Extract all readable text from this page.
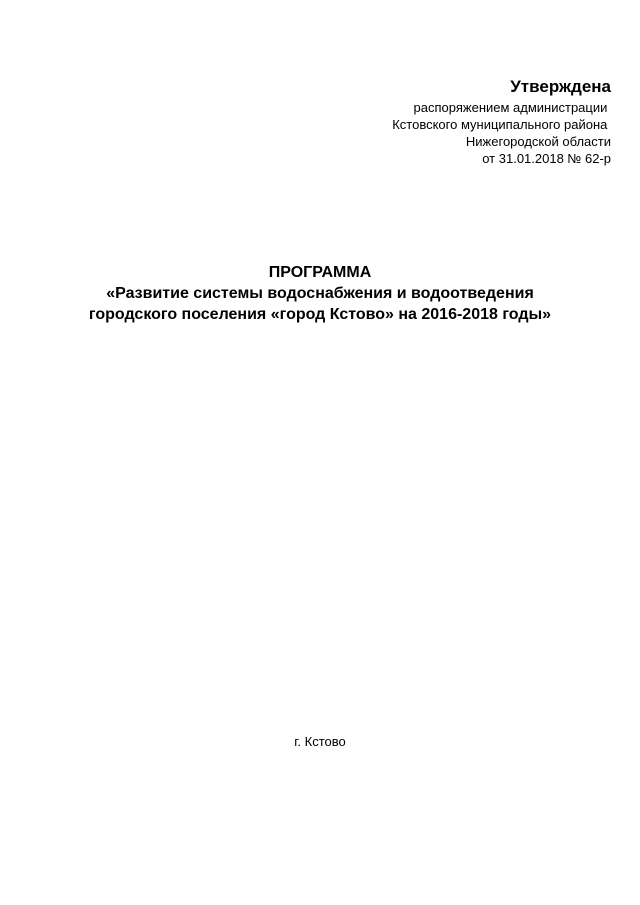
Утверждена
распоряжением администрации
Кстовского муниципального района
Нижегородской области
от 31.01.2018 № 62-р
ПРОГРАММА
«Развитие системы водоснабжения и водоотведения
городского поселения «город Кстово» на 2016-2018 годы»
г. Кстово
